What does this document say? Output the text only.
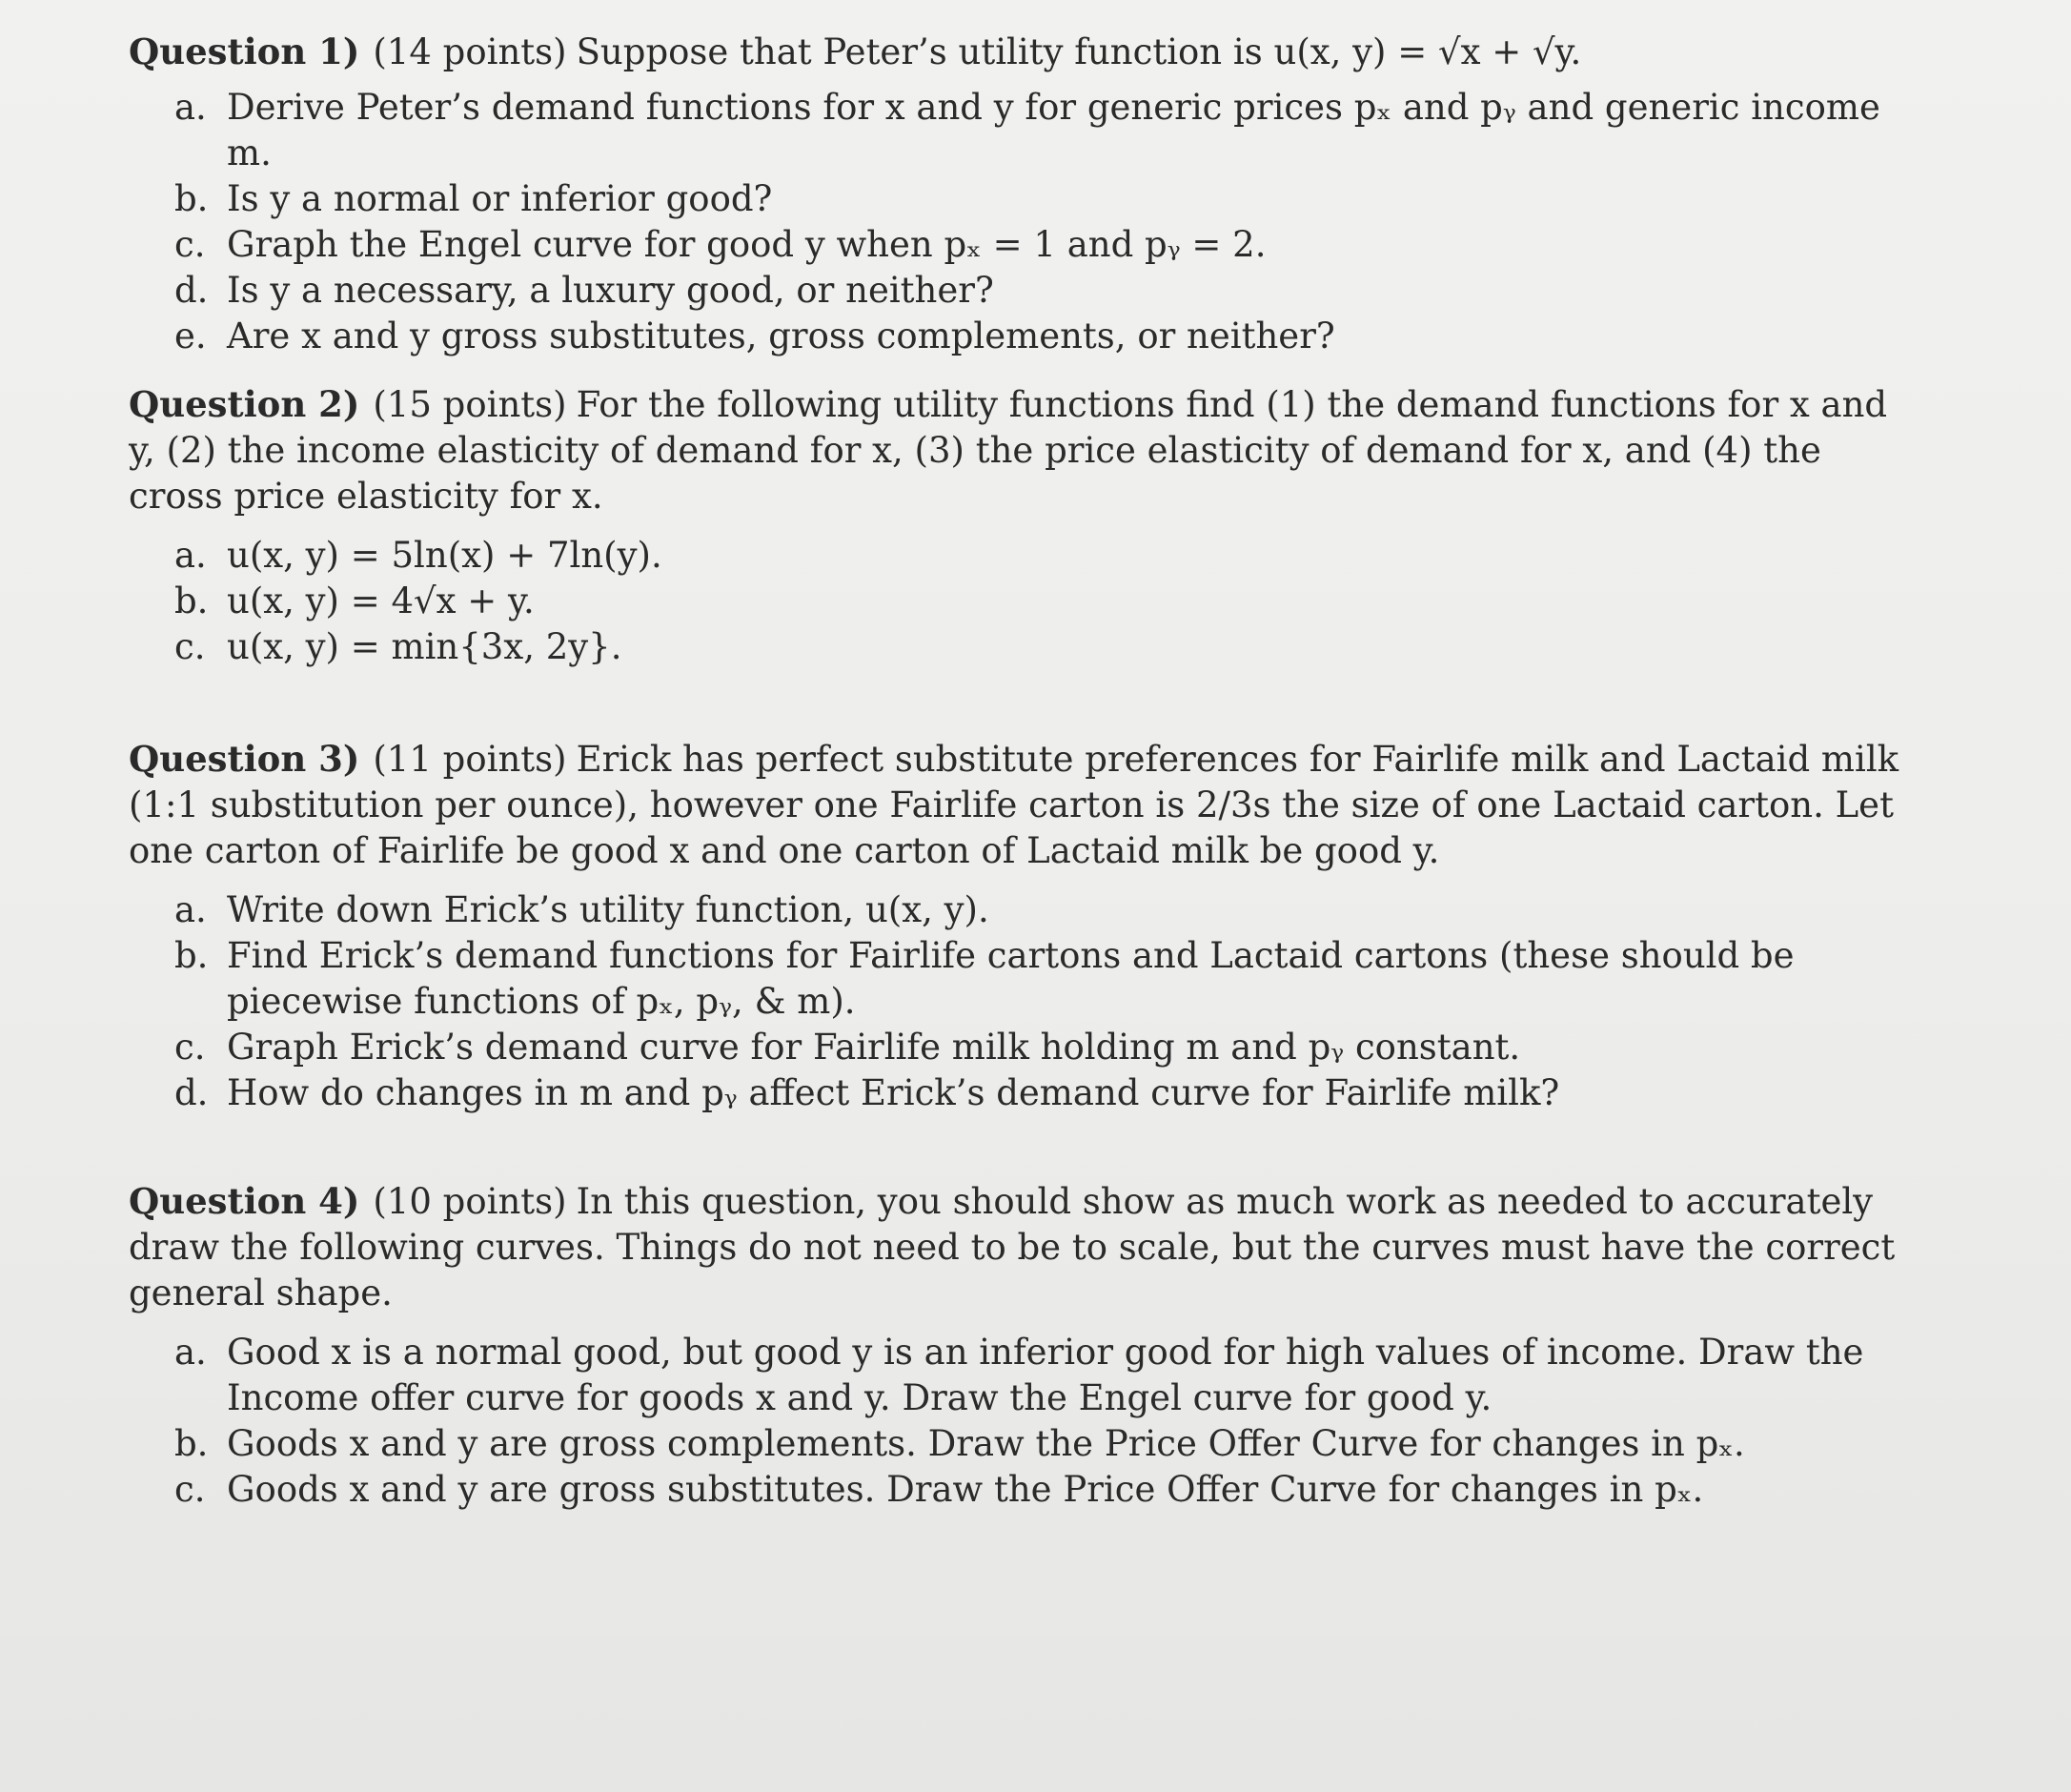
Question 1) (14 points) Suppose that Peter’s utility function is u(x, y) = √x + √y.

a. Derive Peter’s demand functions for x and y for generic prices pₓ and pᵧ and generic income m.
b. Is y a normal or inferior good?
c. Graph the Engel curve for good y when pₓ = 1 and pᵧ = 2.
d. Is y a necessary, a luxury good, or neither?
e. Are x and y gross substitutes, gross complements, or neither?

Question 2) (15 points) For the following utility functions find (1) the demand functions for x and y, (2) the income elasticity of demand for x, (3) the price elasticity of demand for x, and (4) the cross price elasticity for x.

a. u(x, y) = 5ln(x) + 7ln(y).
b. u(x, y) = 4√x + y.
c. u(x, y) = min{3x, 2y}.

Question 3) (11 points) Erick has perfect substitute preferences for Fairlife milk and Lactaid milk (1:1 substitution per ounce), however one Fairlife carton is 2/3s the size of one Lactaid carton. Let one carton of Fairlife be good x and one carton of Lactaid milk be good y.

a. Write down Erick’s utility function, u(x, y).
b. Find Erick’s demand functions for Fairlife cartons and Lactaid cartons (these should be piecewise functions of pₓ, pᵧ, & m).
c. Graph Erick’s demand curve for Fairlife milk holding m and pᵧ constant.
d. How do changes in m and pᵧ affect Erick’s demand curve for Fairlife milk?

Question 4) (10 points) In this question, you should show as much work as needed to accurately draw the following curves. Things do not need to be to scale, but the curves must have the correct general shape.

a. Good x is a normal good, but good y is an inferior good for high values of income. Draw the Income offer curve for goods x and y. Draw the Engel curve for good y.
b. Goods x and y are gross complements. Draw the Price Offer Curve for changes in pₓ.
c. Goods x and y are gross substitutes. Draw the Price Offer Curve for changes in pₓ.
